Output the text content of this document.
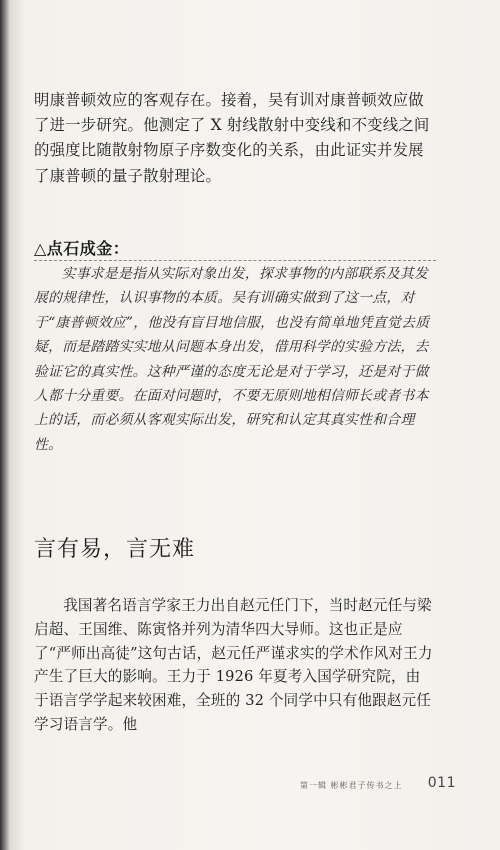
明康普顿效应的客观存在。接着，吴有训对康普顿效应做了进一步研究。他测定了 X 射线散射中变线和不变线之间的强度比随散射物原子序数变化的关系，由此证实并发展了康普顿的量子散射理论。

△点石成金：

实事求是是指从实际对象出发，探求事物的内部联系及其发展的规律性，认识事物的本质。吴有训确实做到了这一点，对于“康普顿效应”，他没有盲目地信服，也没有简单地凭直觉去质疑，而是踏踏实实地从问题本身出发，借用科学的实验方法，去验证它的真实性。这种严谨的态度无论是对于学习，还是对于做人都十分重要。在面对问题时，不要无原则地相信师长或者书本上的话，而必须从客观实际出发，研究和认定其真实性和合理性。

言有易，言无难

我国著名语言学家王力出自赵元任门下，当时赵元任与梁启超、王国维、陈寅恪并列为清华四大导师。这也正是应了“严师出高徒”这句古话，赵元任严谨求实的学术作风对王力产生了巨大的影响。王力于 1926 年夏考入国学研究院，由于语言学学起来较困难，全班的 32 个同学中只有他跟赵元任学习语言学。他

第一辑 彬彬君子传书之上 011
